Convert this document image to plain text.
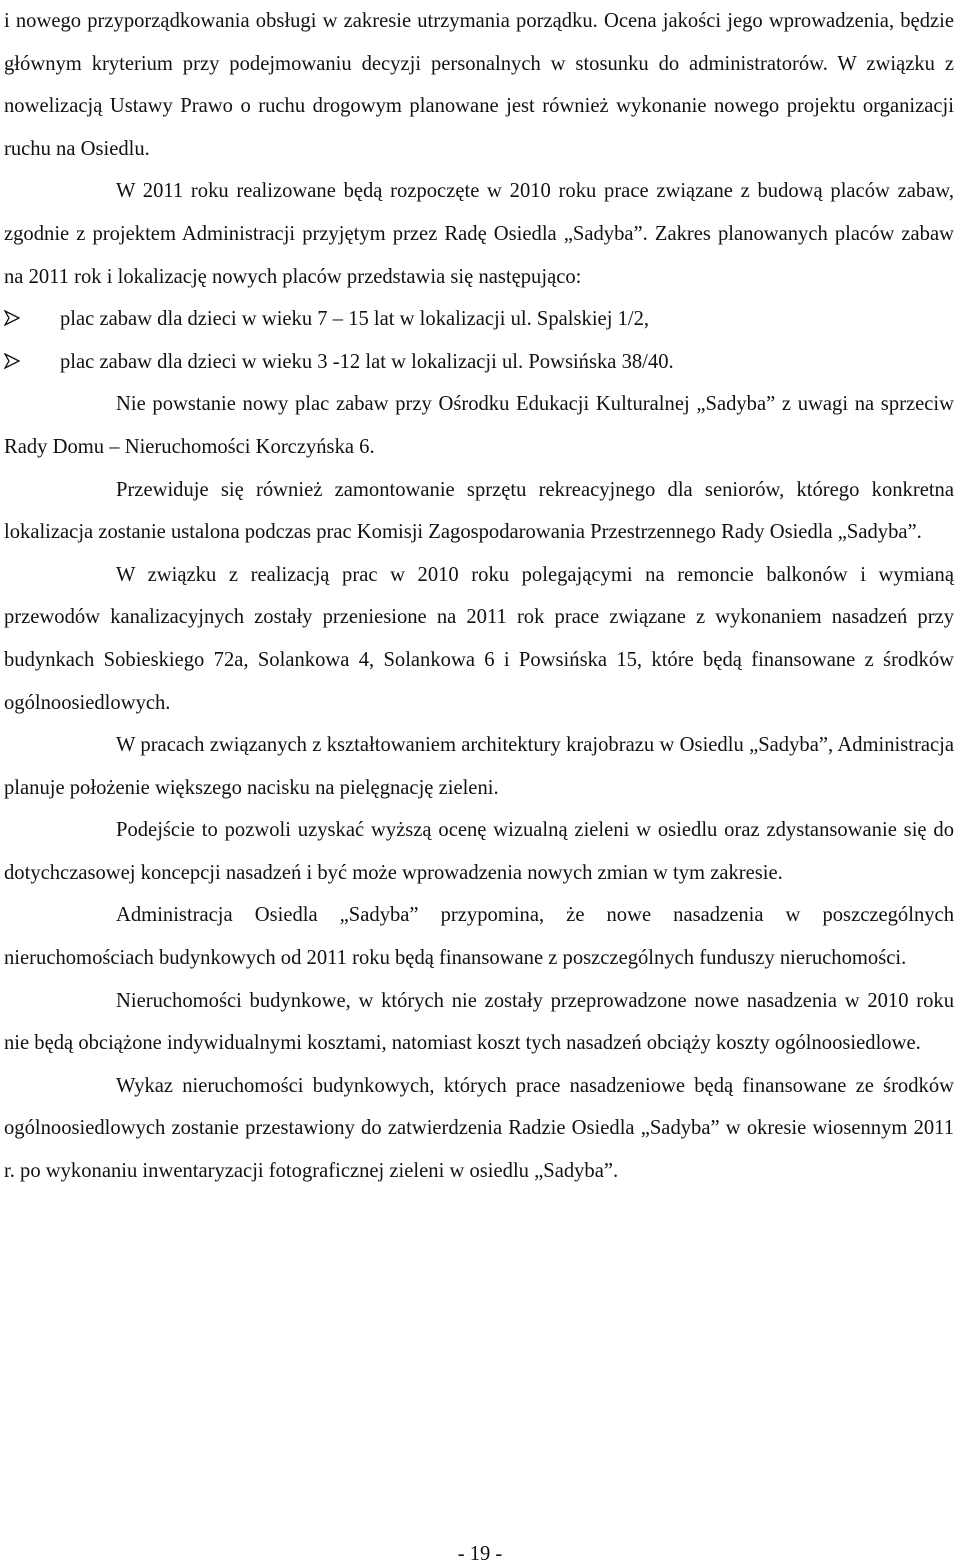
i nowego przyporządkowania obsługi w zakresie utrzymania porządku. Ocena jakości jego wprowadzenia, będzie głównym kryterium przy podejmowaniu decyzji personalnych w stosunku do administratorów. W związku z nowelizacją Ustawy Prawo o ruchu drogowym planowane jest również wykonanie nowego projektu organizacji ruchu na Osiedlu.

W 2011 roku realizowane będą rozpoczęte w 2010 roku prace związane z budową placów zabaw, zgodnie z projektem Administracji przyjętym przez Radę Osiedla „Sadyba”. Zakres planowanych placów zabaw na 2011 rok i lokalizację nowych placów przedstawia się następująco:

plac zabaw dla dzieci w wieku 7 – 15 lat w lokalizacji ul. Spalskiej 1/2,
plac zabaw dla dzieci w wieku 3 -12 lat w lokalizacji ul. Powsińska 38/40.

Nie powstanie nowy plac zabaw przy Ośrodku Edukacji Kulturalnej „Sadyba” z uwagi na sprzeciw Rady Domu – Nieruchomości Korczyńska 6.

Przewiduje się również zamontowanie sprzętu rekreacyjnego dla seniorów, którego konkretna lokalizacja zostanie ustalona podczas prac Komisji Zagospodarowania Przestrzennego Rady Osiedla „Sadyba”.

W związku z realizacją prac w 2010 roku polegającymi na remoncie balkonów i wymianą przewodów kanalizacyjnych zostały przeniesione na 2011 rok prace związane z wykonaniem nasadzeń przy budynkach Sobieskiego 72a, Solankowa 4, Solankowa 6 i Powsińska 15, które będą finansowane z środków ogólnoosiedlowych.

W pracach związanych z kształtowaniem architektury krajobrazu w Osiedlu „Sadyba”, Administracja planuje położenie większego nacisku na pielęgnację zieleni.

Podejście to pozwoli uzyskać wyższą ocenę wizualną zieleni w osiedlu oraz zdystansowanie się do dotychczasowej koncepcji nasadzeń i być może wprowadzenia nowych zmian w tym zakresie.

Administracja Osiedla „Sadyba” przypomina, że nowe nasadzenia w poszczególnych nieruchomościach budynkowych od 2011 roku będą finansowane z poszczególnych funduszy nieruchomości.

Nieruchomości budynkowe, w których nie zostały przeprowadzone nowe nasadzenia w 2010 roku nie będą obciążone indywidualnymi kosztami, natomiast koszt tych nasadzeń obciąży koszty ogólnoosiedlowe.

Wykaz nieruchomości budynkowych, których prace nasadzeniowe będą finansowane ze środków ogólnoosiedlowych zostanie przestawiony do zatwierdzenia Radzie Osiedla „Sadyba” w okresie wiosennym 2011 r. po wykonaniu inwentaryzacji fotograficznej zieleni w osiedlu „Sadyba”.

- 19 -
